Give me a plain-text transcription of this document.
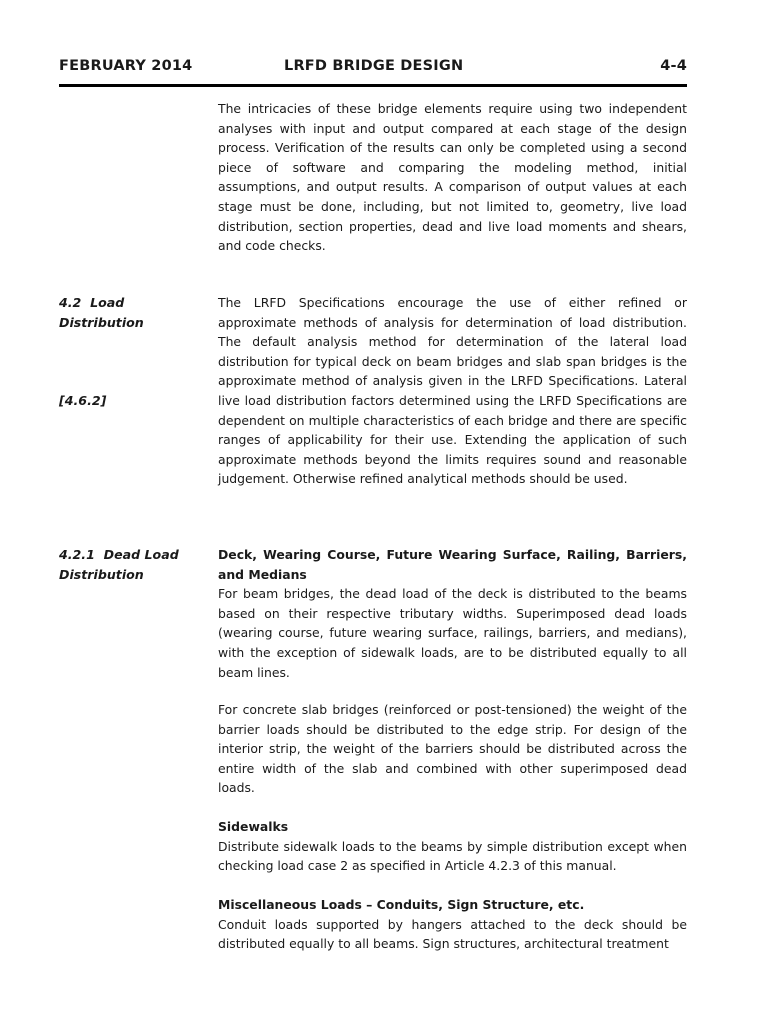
FEBRUARY 2014	LRFD BRIDGE DESIGN	4-4

The intricacies of these bridge elements require using two independent analyses with input and output compared at each stage of the design process. Verification of the results can only be completed using a second piece of software and comparing the modeling method, initial assumptions, and output results. A comparison of output values at each stage must be done, including, but not limited to, geometry, live load distribution, section properties, dead and live load moments and shears, and code checks.

4.2  Load
Distribution
[4.6.2]

The LRFD Specifications encourage the use of either refined or approximate methods of analysis for determination of load distribution. The default analysis method for determination of the lateral load distribution for typical deck on beam bridges and slab span bridges is the approximate method of analysis given in the LRFD Specifications. Lateral live load distribution factors determined using the LRFD Specifications are dependent on multiple characteristics of each bridge and there are specific ranges of applicability for their use. Extending the application of such approximate methods beyond the limits requires sound and reasonable judgement. Otherwise refined analytical methods should be used.

4.2.1  Dead Load
Distribution
Deck, Wearing Course, Future Wearing Surface, Railing, Barriers, and Medians
For beam bridges, the dead load of the deck is distributed to the beams based on their respective tributary widths. Superimposed dead loads (wearing course, future wearing surface, railings, barriers, and medians), with the exception of sidewalk loads, are to be distributed equally to all beam lines.

For concrete slab bridges (reinforced or post-tensioned) the weight of the barrier loads should be distributed to the edge strip. For design of the interior strip, the weight of the barriers should be distributed across the entire width of the slab and combined with other superimposed dead loads.

Sidewalks
Distribute sidewalk loads to the beams by simple distribution except when checking load case 2 as specified in Article 4.2.3 of this manual.
Miscellaneous Loads – Conduits, Sign Structure, etc.
Conduit loads supported by hangers attached to the deck should be distributed equally to all beams. Sign structures, architectural treatment
